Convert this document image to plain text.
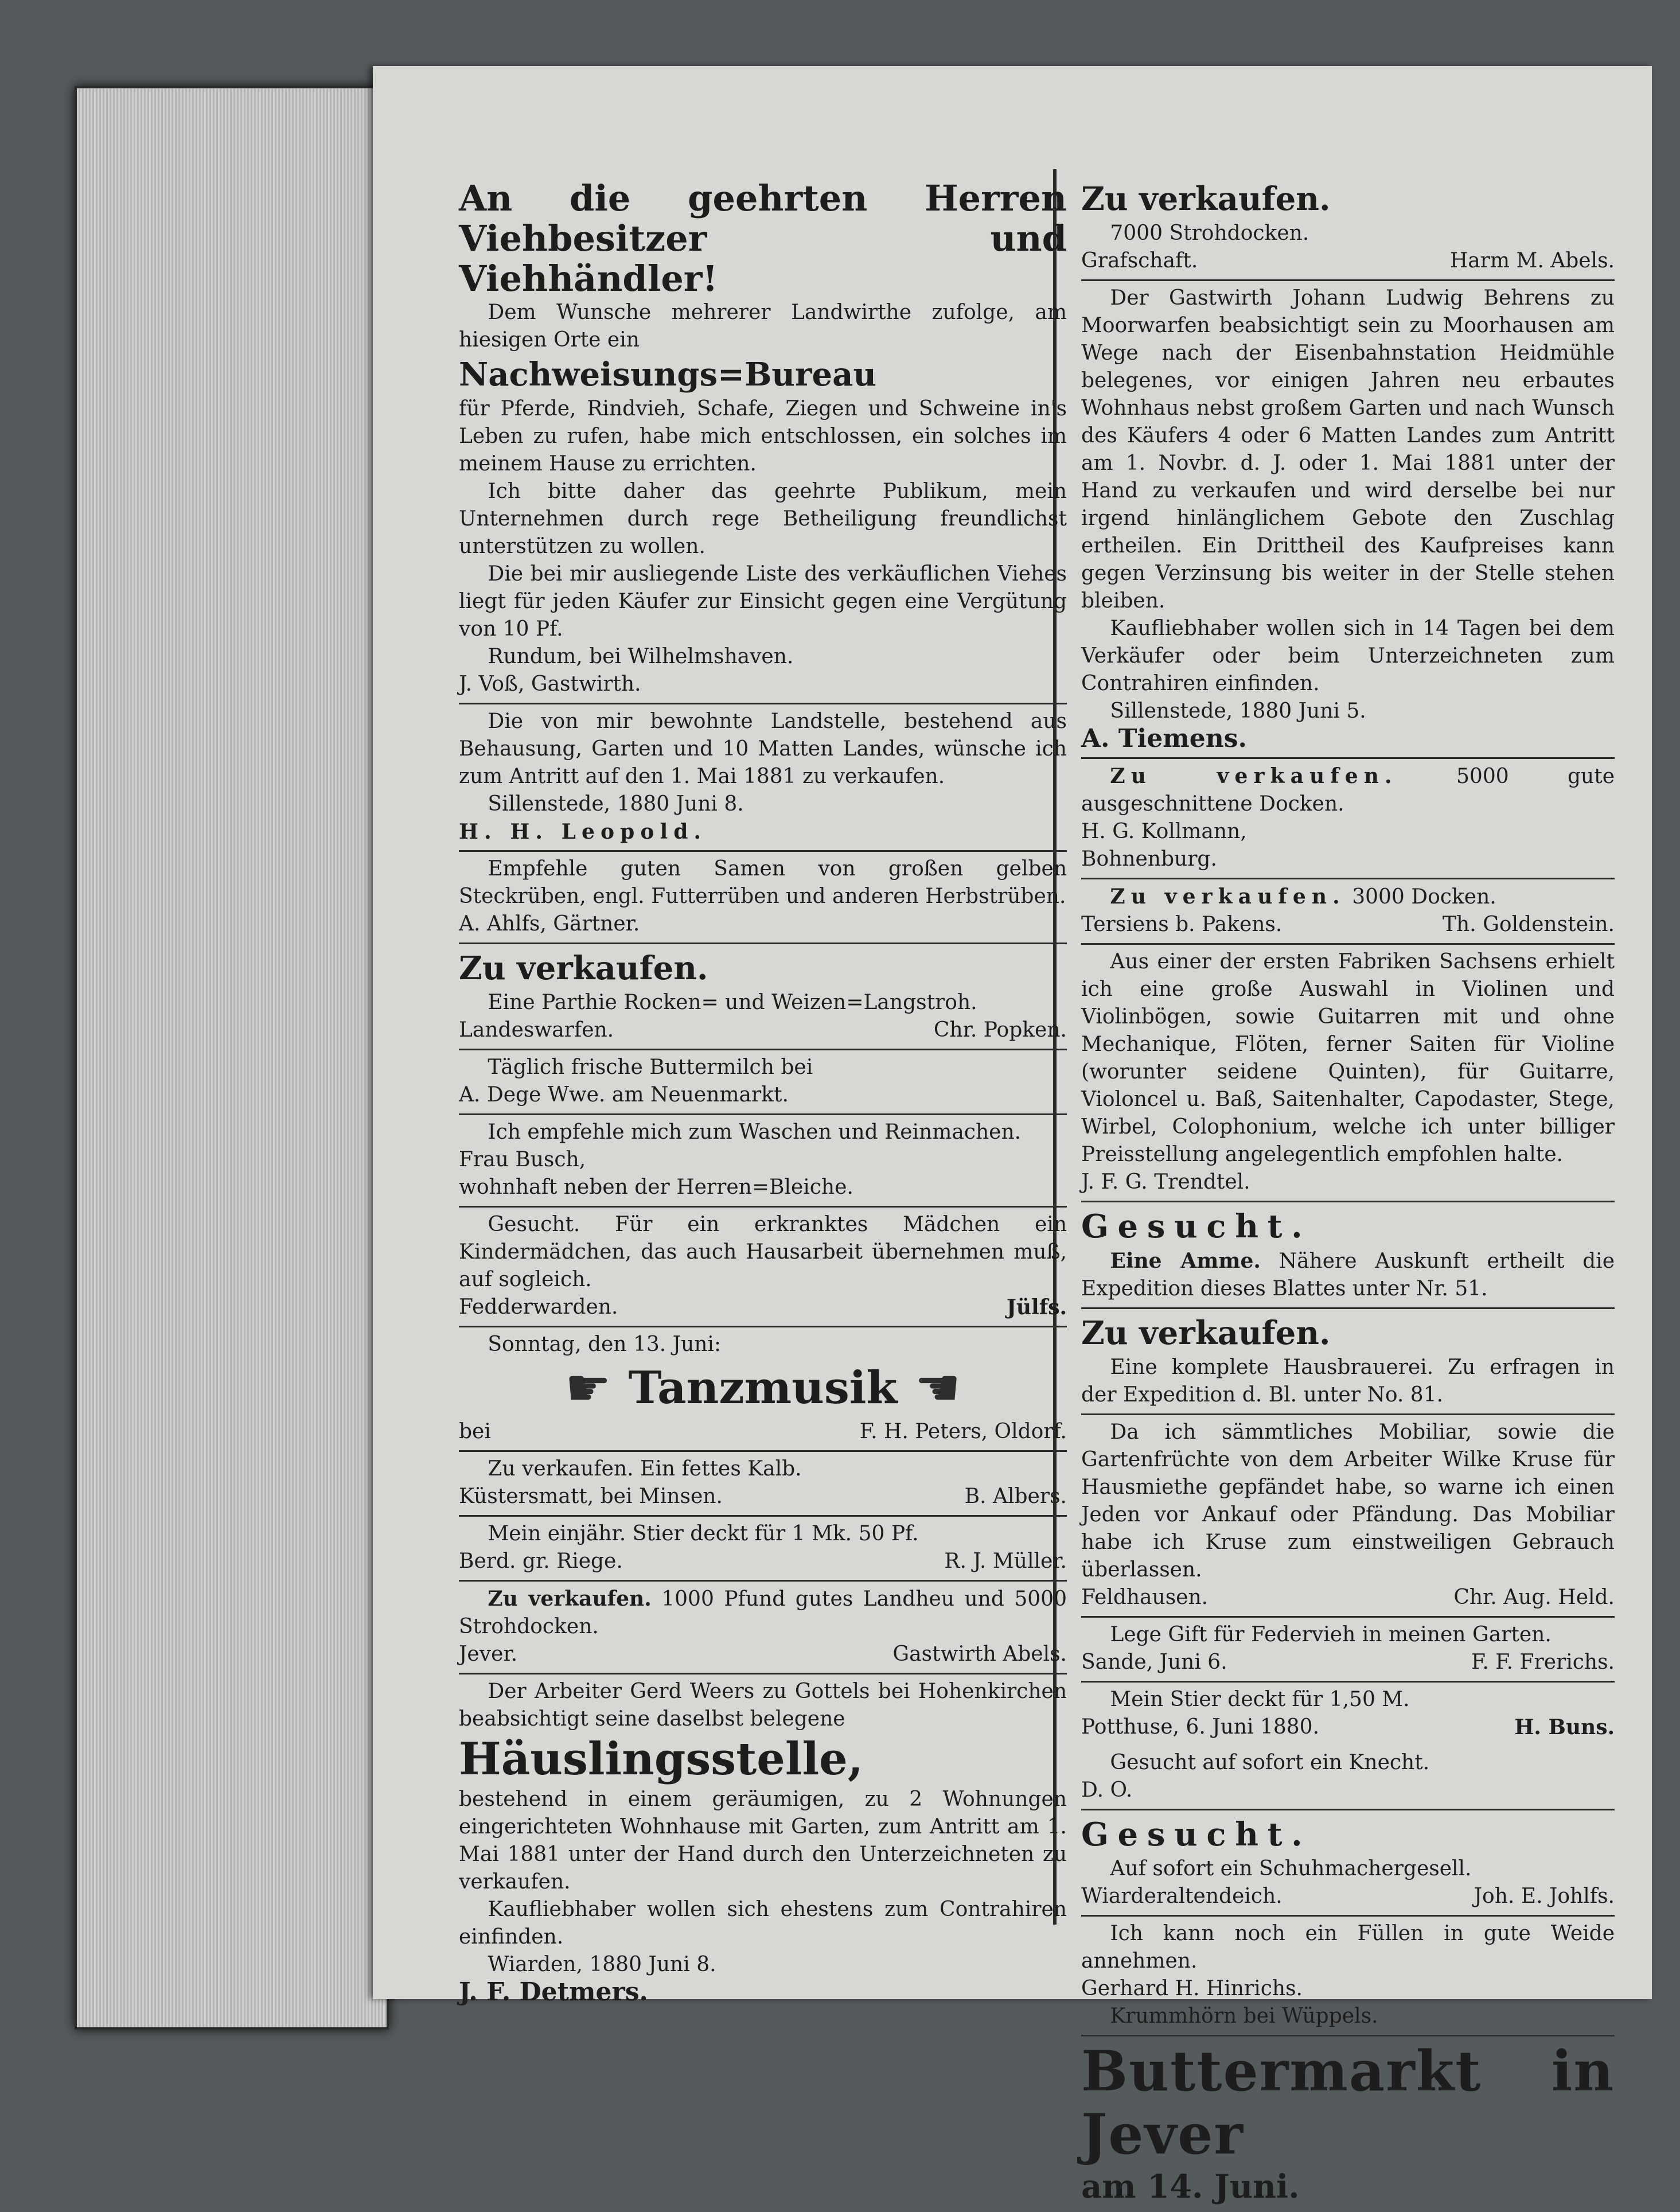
An die geehrten Herren Viehbesitzer und Viehhändler!

Dem Wunsche mehrerer Landwirthe zufolge, am hiesigen Orte ein

Nachweisungs=Bureau

für Pferde, Rindvieh, Schafe, Ziegen und Schweine in's Leben zu rufen, habe mich entschlossen, ein solches im meinem Hause zu errichten.

Ich bitte daher das geehrte Publikum, mein Unternehmen durch rege Betheiligung freundlichst unterstützen zu wollen.

Die bei mir ausliegende Liste des verkäuflichen Viehes liegt für jeden Käufer zur Einsicht gegen eine Vergütung von 10 Pf.

Rundum, bei Wilhelmshaven.

J. Voß, Gastwirth.

Die von mir bewohnte Landstelle, bestehend aus Behausung, Garten und 10 Matten Landes, wünsche ich zum Antritt auf den 1. Mai 1881 zu verkaufen.

Sillenstede, 1880 Juni 8.

H. H. Leopold.

Empfehle guten Samen von großen gelben Steckrüben, engl. Futterrüben und anderen Herbstrüben.

A. Ahlfs, Gärtner.

Zu verkaufen.

Eine Parthie Rocken= und Weizen=Langstroh.

Landeswarfen.	Chr. Popken.

Täglich frische Buttermilch bei

A. Dege Wwe. am Neuenmarkt.

Ich empfehle mich zum Waschen und Reinmachen.

Frau Busch,

wohnhaft neben der Herren=Bleiche.

Gesucht. Für ein erkranktes Mädchen ein Kindermädchen, das auch Hausarbeit übernehmen muß, auf sogleich.

Fedderwarden.	Jülfs.

Sonntag, den 13. Juni:

☛ Tanzmusik ☚
bei	F. H. Peters, Oldorf.

Zu verkaufen. Ein fettes Kalb.

Küstersmatt, bei Minsen.	B. Albers.

Mein einjähr. Stier deckt für 1 Mk. 50 Pf.

Berd. gr. Riege.	R. J. Müller.

Zu verkaufen. 1000 Pfund gutes Landheu und 5000 Strohdocken.

Jever.	Gastwirth Abels.

Der Arbeiter Gerd Weers zu Gottels bei Hohenkirchen beabsichtigt seine daselbst belegene

Häuslingsstelle,

bestehend in einem geräumigen, zu 2 Wohnungen eingerichteten Wohnhause mit Garten, zum Antritt am 1. Mai 1881 unter der Hand durch den Unterzeichneten zu verkaufen.

Kaufliebhaber wollen sich ehestens zum Contrahiren einfinden.

Wiarden, 1880 Juni 8.

J. F. Detmers.

Zu verkaufen.

7000 Strohdocken.

Grafschaft.	Harm M. Abels.

Der Gastwirth Johann Ludwig Behrens zu Moorwarfen beabsichtigt sein zu Moorhausen am Wege nach der Eisenbahnstation Heidmühle belegenes, vor einigen Jahren neu erbautes Wohnhaus nebst großem Garten und nach Wunsch des Käufers 4 oder 6 Matten Landes zum Antritt am 1. Novbr. d. J. oder 1. Mai 1881 unter der Hand zu verkaufen und wird derselbe bei nur irgend hinlänglichem Gebote den Zuschlag ertheilen. Ein Drittheil des Kaufpreises kann gegen Verzinsung bis weiter in der Stelle stehen bleiben.

Kaufliebhaber wollen sich in 14 Tagen bei dem Verkäufer oder beim Unterzeichneten zum Contrahiren einfinden.

Sillenstede, 1880 Juni 5.

A. Tiemens.

Zu verkaufen.	5000 gute ausgeschnittene Docken.

H. G. Kollmann,

Bohnenburg.

Zu verkaufen. 3000 Docken.

Tersiens b. Pakens.	Th. Goldenstein.

Aus einer der ersten Fabriken Sachsens erhielt ich eine große Auswahl in Violinen und Violinbögen, sowie Guitarren mit und ohne Mechanique, Flöten, ferner Saiten für Violine (worunter seidene Quinten), für Guitarre, Violoncel u. Baß, Saitenhalter, Capodaster, Stege, Wirbel, Colophonium, welche ich unter billiger Preisstellung angelegentlich empfohlen halte.

J. F. G. Trendtel.

Gesucht.

Eine Amme. Nähere Auskunft ertheilt die Expedition dieses Blattes unter Nr. 51.

Zu verkaufen.

Eine komplete Hausbrauerei. Zu erfragen in der Expedition d. Bl. unter No. 81.

Da ich sämmtliches Mobiliar, sowie die Gartenfrüchte von dem Arbeiter Wilke Kruse für Hausmiethe gepfändet habe, so warne ich einen Jeden vor Ankauf oder Pfändung. Das Mobiliar habe ich Kruse zum einstweiligen Gebrauch überlassen.

Feldhausen.	Chr. Aug. Held.

Lege Gift für Federvieh in meinen Garten.

Sande, Juni 6.	F. F. Frerichs.

Mein Stier deckt für 1,50 M.

Potthuse, 6. Juni 1880.	H. Buns.

Gesucht auf sofort ein Knecht.

D. O.

Gesucht.

Auf sofort ein Schuhmachergesell.

Wiarderaltendeich.	Joh. E. Johlfs.

Ich kann noch ein Füllen in gute Weide annehmen.

Gerhard H. Hinrichs.

Krummhörn bei Wüppels.

Buttermarkt in Jever

am 14. Juni.
